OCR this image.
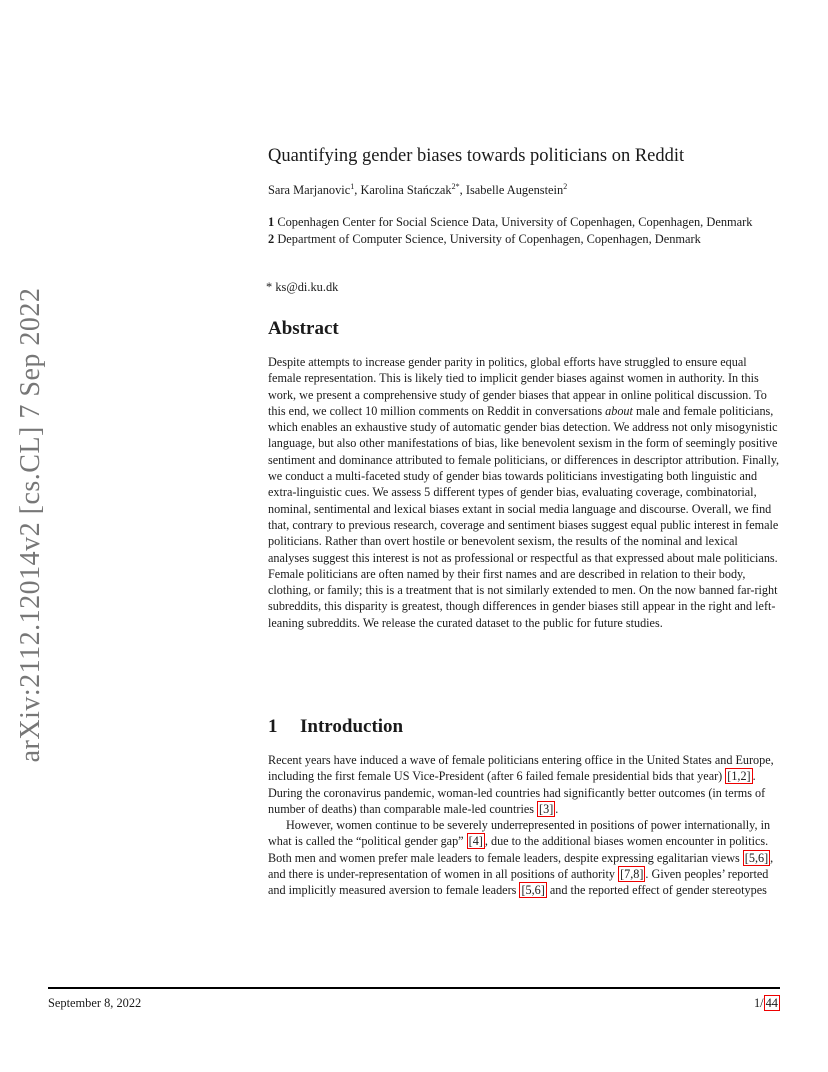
arXiv:2112.12014v2 [cs.CL] 7 Sep 2022
Quantifying gender biases towards politicians on Reddit
Sara Marjanovic$^1$, Karolina Stańczak$^{2*}$, Isabelle Augenstein$^2$
1 Copenhagen Center for Social Science Data, University of Copenhagen, Copenhagen, Denmark
2 Department of Computer Science, University of Copenhagen, Copenhagen, Denmark
* ks@di.ku.dk
Abstract
Despite attempts to increase gender parity in politics, global efforts have struggled to ensure equal female representation. This is likely tied to implicit gender biases against women in authority. In this work, we present a comprehensive study of gender biases that appear in online political discussion. To this end, we collect 10 million comments on Reddit in conversations about male and female politicians, which enables an exhaustive study of automatic gender bias detection. We address not only misogynistic language, but also other manifestations of bias, like benevolent sexism in the form of seemingly positive sentiment and dominance attributed to female politicians, or differences in descriptor attribution. Finally, we conduct a multi-faceted study of gender bias towards politicians investigating both linguistic and extra-linguistic cues. We assess 5 different types of gender bias, evaluating coverage, combinatorial, nominal, sentimental and lexical biases extant in social media language and discourse. Overall, we find that, contrary to previous research, coverage and sentiment biases suggest equal public interest in female politicians. Rather than overt hostile or benevolent sexism, the results of the nominal and lexical analyses suggest this interest is not as professional or respectful as that expressed about male politicians. Female politicians are often named by their first names and are described in relation to their body, clothing, or family; this is a treatment that is not similarly extended to men. On the now banned far-right subreddits, this disparity is greatest, though differences in gender biases still appear in the right and left-leaning subreddits. We release the curated dataset to the public for future studies.
1 Introduction

Recent years have induced a wave of female politicians entering office in the United States and Europe, including the first female US Vice-President (after 6 failed female presidential bids that year) [1,2] . During the coronavirus pandemic, woman-led countries had significantly better outcomes (in terms of number of deaths) than comparable male-led countries [3] .

However, women continue to be severely underrepresented in positions of power internationally, in what is called the “political gender gap” [4] , due to the additional biases women encounter in politics. Both men and women prefer male leaders to female leaders, despite expressing egalitarian views [5,6] , and there is under-representation of women in all positions of authority [7,8] . Given peoples’ reported and implicitly measured aversion to female leaders [5,6] and the reported effect of gender stereotypes

September 8, 2022	1/ 44
